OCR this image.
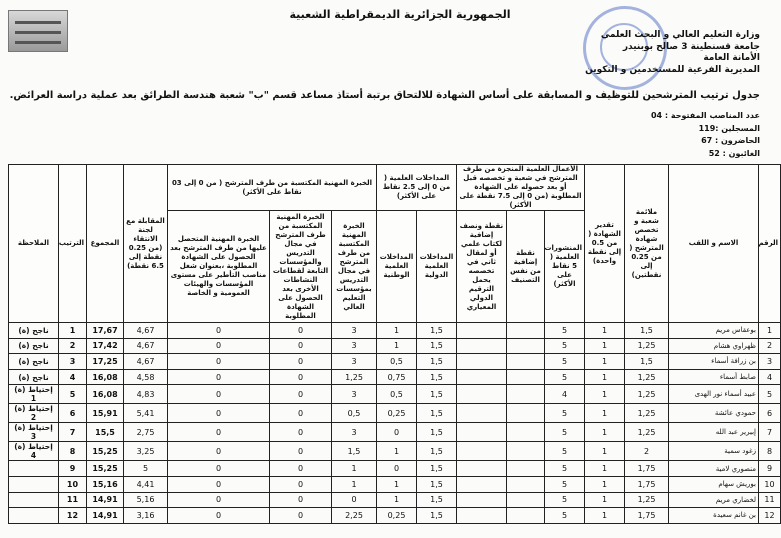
الجمهورية الجزائرية الديمقراطية الشعبية
وزارة التعليم العالي و البحث العلمي
جامعة قسنطينة 3 صالح بوبنيدر
الأمانة العامة
المديرية الفرعية للمستخدمين و التكوين
جدول ترتيب المترشحين للتوظيف و المسابقة على أساس الشهادة للالتحاق برتبة أستاذ مساعد قسم "ب" شعبة هندسة الطرائق بعد عملية دراسة العرائض.
عدد المناصب المفتوحة : 04
المسجلين :119
الحاضرون : 67
الغائبون : 52
الرقم	الاسم و اللقب	ملائمة شعبة و تخصص شهادة المترشح ( من 0.25 إلى نقطتين)	تقدير الشهادة ( من 0.5 إلى نقطة واحدة)	الأعمال العلمية المنجزة من طرف المترشح في شعبة و تخصصه قبل أو بعد حصوله على الشهادة المطلوبة (من 0 إلى 7.5 نقطة على الأكثر)			المداخلات العلمية ( من 0 إلى 2.5 نقاط على الأكثر)		الخبرة المهنية المكتسبة من طرف المترشح ( من 0 إلى 03 نقاط على الأكثر)			المقابلة مع لجنة الانتقاء (من 0.25 نقطة إلى 6.5 نقطة)	المجموع	الترتيب	الملاحظة
				المنشورات العلمية ( 5 نقاط على الأكثر)	نقطة إضافية من نفس التصنيف	نقطة ونصف إضافية لكتاب علمي أو لمقال ثاني في تخصصه يحمل الترقيم الدولي المعياري	المداخلات العلمية الدولية	المداخلات العلمية الوطنية	الخبرة المهنية المكتسبة من طرف المترشح في مجال التدريس بمؤسسات التعليم العالي	الخبرة المهنية المكتسبة من طرف المترشح في مجال التدريس والمؤسسات التابعة لقطاعات النشاطات الأخرى بعد الحصول على الشهادة المطلوبة	الخبرة المهنية المتحصل عليها من طرف المترشح بعد الحصول على الشهادة المطلوبة ،بعنوان شغل مناصب التأطير على مستوى المؤسسات والهيئات العمومية و الخاصة				
1	بوعقاس مريم	1,5	1	5			1,5	1	3	0	0	4,67	17,67	1	ناجح (ة)
2	ظهراوي هشام	1,25	1	5			1,5	1	3	0	0	4,67	17,42	2	ناجح (ة)
3	بن زرافة أسماء	1,5	1	5			1,5	0,5	3	0	0	4,67	17,25	3	ناجح (ة)
4	صابط أسماء	1,25	1	5			1,5	0,75	1,25	0	0	4,58	16,08	4	ناجح (ة)
5	عبيد أسماء نور الهدى	1,25	1	4			1,5	0,5	3	0	0	4,83	16,08	5	إحتياط (ة) 1
6	حمودي عائشة	1,25	1	5			1,5	0,25	0,5	0	0	5,41	15,91	6	إحتياط (ة) 2
7	إبيرير عبد الله	1,25	1	5			1,5	0	3	0	0	2,75	15,5	7	إحتياط (ة) 3
8	زغود سمية	2	1	5			1,5	1	1,5	0	0	3,25	15,25	8	إحتياط (ة) 4
9	منصوري لامية	1,75	1	5			1,5	0	1	0	0	5	15,25	9	
10	بوريش سهام	1,75	1	5			1,5	1	1	0	0	4,41	15,16	10	
11	لخضاري مريم	1,25	1	5			1,5	1	0	0	0	5,16	14,91	11	
12	بن غانم سعيدة	1,75	1	5			1,5	0,25	2,25	0	0	3,16	14,91	12	
